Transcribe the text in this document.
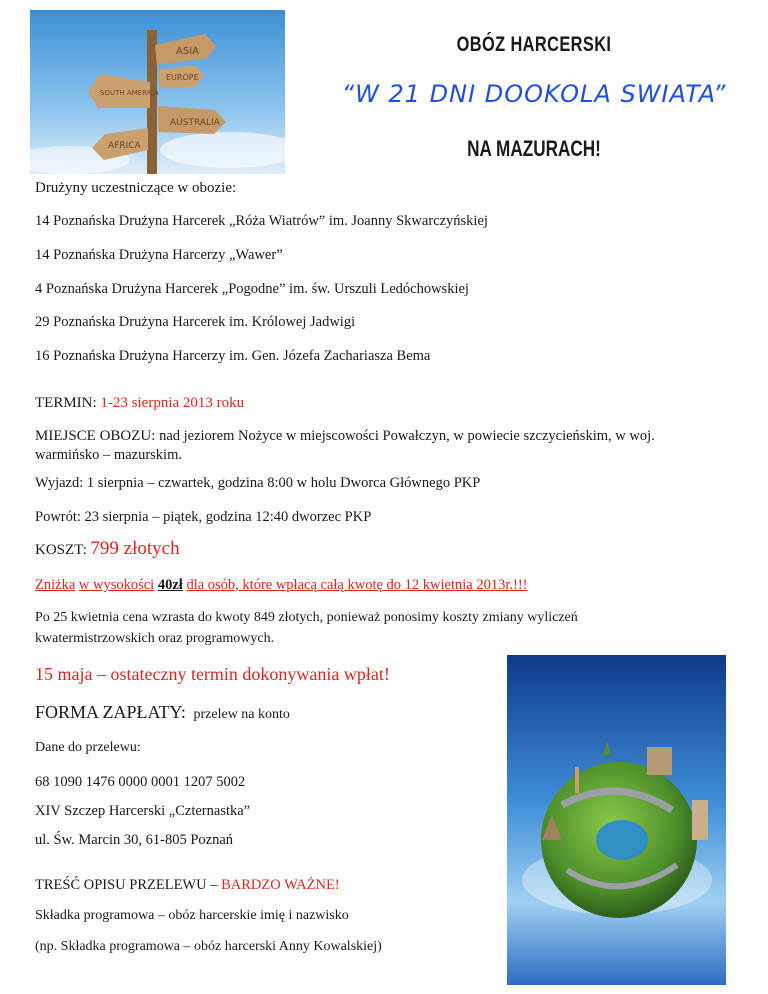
ASIA
EUROPE
SOUTH AMERICA
AUSTRALIA
AFRICA
OBÓZ HARCERSKI
“W 21 DNI DOOKOLA SWIATA”
NA MAZURACH!
Drużyny uczestniczące w obozie:
14 Poznańska Drużyna Harcerek „Róża Wiatrów” im. Joanny Skwarczyńskiej
14 Poznańska Drużyna Harcerzy „Wawer”
4 Poznańska Drużyna Harcerek „Pogodne” im. św. Urszuli Ledóchowskiej
29 Poznańska Drużyna Harcerek im. Królowej Jadwigi
16 Poznańska Drużyna Harcerzy im. Gen. Józefa Zachariasza Bema
TERMIN: 1-23 sierpnia 2013 roku
MIEJSCE OBOZU: nad jeziorem Nożyce w miejscowości Powałczyn, w powiecie szczycieńskim, w woj.
warmińsko – mazurskim.
Wyjazd: 1 sierpnia – czwartek, godzina 8:00 w holu Dworca Głównego PKP
Powrót: 23 sierpnia – piątek, godzina 12:40 dworzec PKP
KOSZT: 799 złotych
Zniżka w wysokości 40zł dla osób, które wpłacą całą kwotę do 12 kwietnia 2013r.!!!
Po 25 kwietnia cena wzrasta do kwoty 849 złotych, ponieważ ponosimy koszty zmiany wyliczeń
kwatermistrzowskich oraz programowych.
15 maja – ostateczny termin dokonywania wpłat!
FORMA ZAPŁATY: przelew na konto
Dane do przelewu:
68 1090 1476 0000 0001 1207 5002
XIV Szczep Harcerski „Czternastka”
ul. Św. Marcin 30, 61-805 Poznań
TREŚĆ OPISU PRZELEWU – BARDZO WAŻNE!
Składka programowa – obóz harcerskie imię i nazwisko
(np. Składka programowa – obóz harcerski Anny Kowalskiej)
